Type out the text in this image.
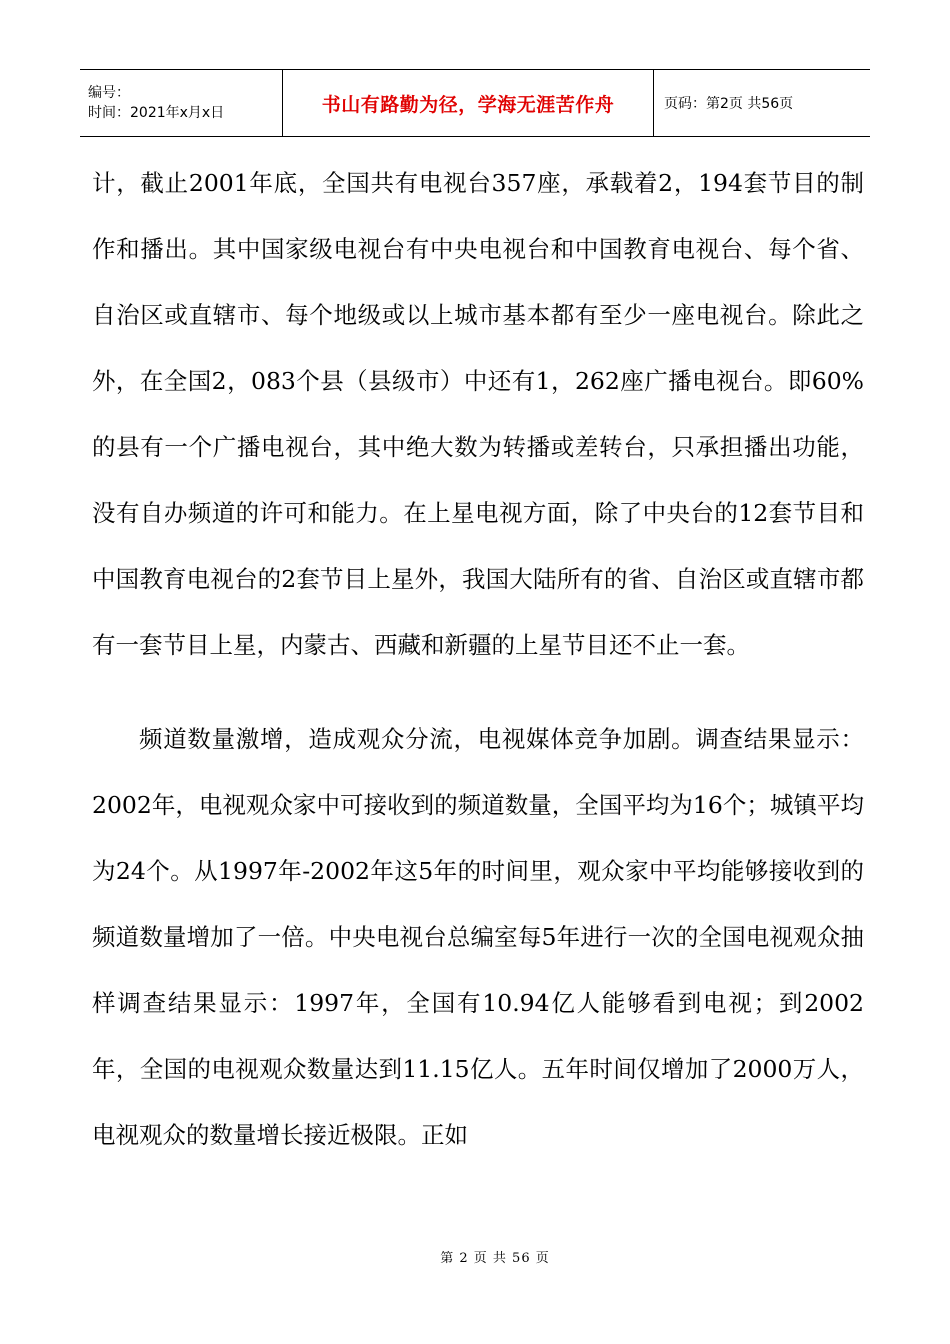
编号：
时间：2021年x月x日	书山有路勤为径，学海无涯苦作舟	页码：第2页 共56页

计，截止2001年底，全国共有电视台357座，承载着2，194套节目的制作和播出。其中国家级电视台有中央电视台和中国教育电视台、每个省、自治区或直辖市、每个地级或以上城市基本都有至少一座电视台。除此之外，在全国2，083个县（县级市）中还有1，262座广播电视台。即60%的县有一个广播电视台，其中绝大数为转播或差转台，只承担播出功能，没有自办频道的许可和能力。在上星电视方面，除了中央台的12套节目和中国教育电视台的2套节目上星外，我国大陆所有的省、自治区或直辖市都有一套节目上星，内蒙古、西藏和新疆的上星节目还不止一套。

频道数量激增，造成观众分流，电视媒体竞争加剧。调查结果显示：2002年，电视观众家中可接收到的频道数量，全国平均为16个；城镇平均为24个。从1997年-2002年这5年的时间里，观众家中平均能够接收到的频道数量增加了一倍。中央电视台总编室每5年进行一次的全国电视观众抽样调查结果显示：1997年，全国有10.94亿人能够看到电视；到2002年，全国的电视观众数量达到11.15亿人。五年时间仅增加了2000万人，电视观众的数量增长接近极限。正如

第 2 页 共 56 页
